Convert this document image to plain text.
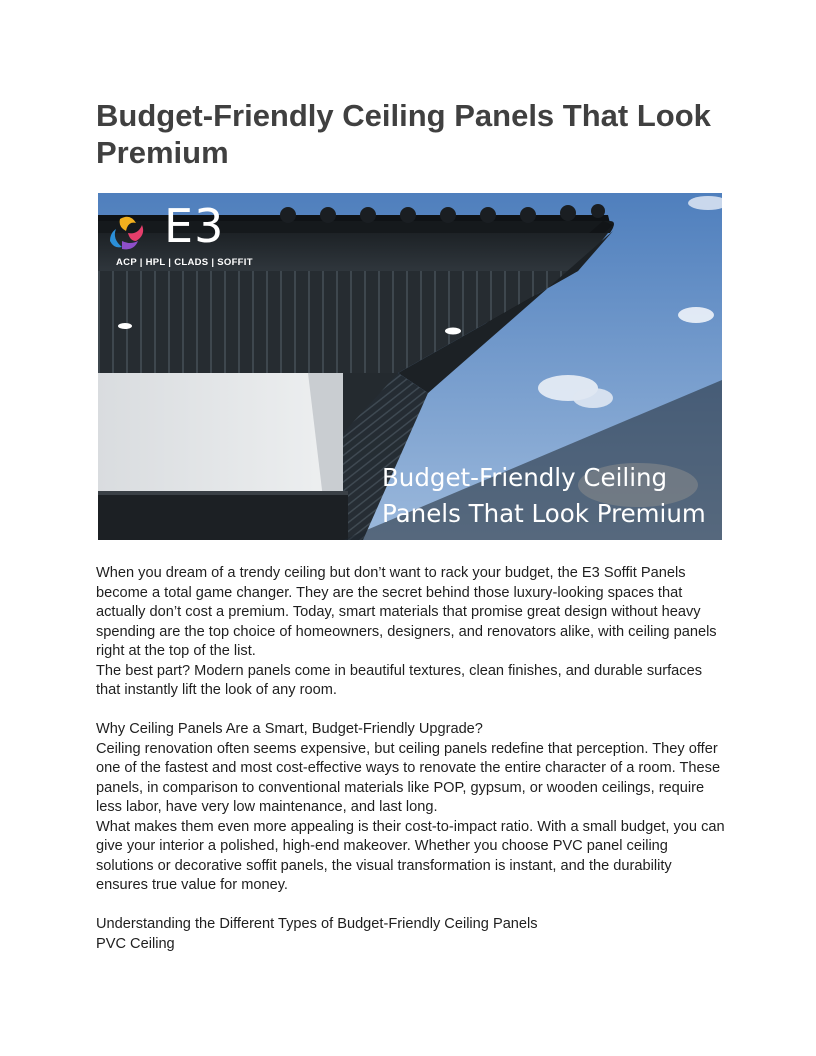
Budget-Friendly Ceiling Panels That Look Premium
E3
ACP | HPL | CLADS | SOFFIT
Budget-Friendly Ceiling
Panels That Look Premium

When you dream of a trendy ceiling but don’t want to rack your budget, the E3 Soffit Panels become a total game changer. They are the secret behind those luxury-looking spaces that actually don’t cost a premium. Today, smart materials that promise great design without heavy spending are the top choice of homeowners, designers, and renovators alike, with ceiling panels right at the top of the list.

The best part? Modern panels come in beautiful textures, clean finishes, and durable surfaces that instantly lift the look of any room.

Why Ceiling Panels Are a Smart, Budget-Friendly Upgrade?

Ceiling renovation often seems expensive, but ceiling panels redefine that perception. They offer one of the fastest and most cost-effective ways to renovate the entire character of a room. These panels, in comparison to conventional materials like POP, gypsum, or wooden ceilings, require less labor, have very low maintenance, and last long.

What makes them even more appealing is their cost-to-impact ratio. With a small budget, you can give your interior a polished, high-end makeover. Whether you choose PVC panel ceiling solutions or decorative soffit panels, the visual transformation is instant, and the durability ensures true value for money.

Understanding the Different Types of Budget-Friendly Ceiling Panels

PVC Ceiling
